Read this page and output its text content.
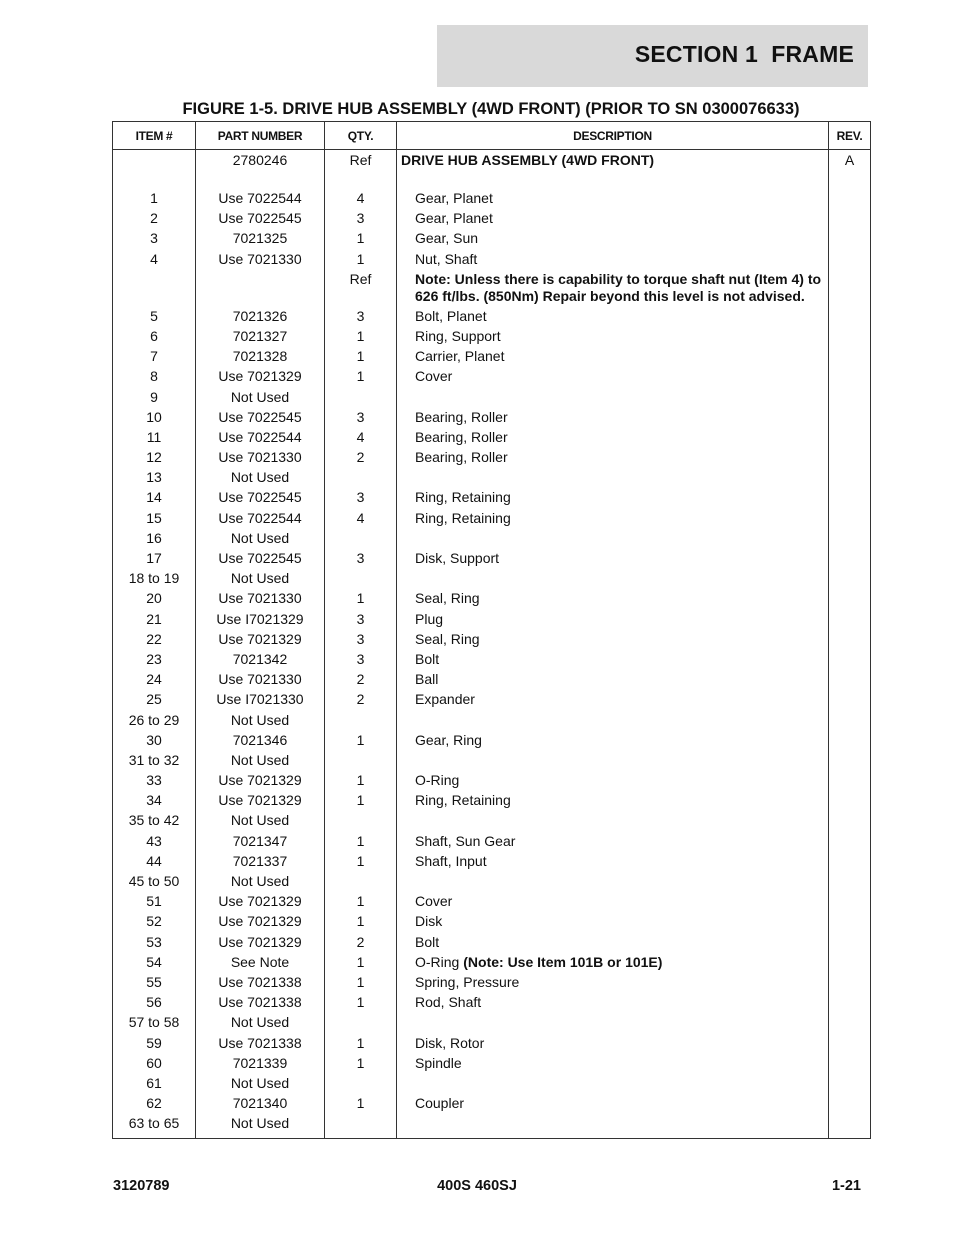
SECTION 1  FRAME
FIGURE 1-5. DRIVE HUB ASSEMBLY (4WD FRONT) (PRIOR TO SN 0300076633)
ITEM #	PART NUMBER	QTY.	DESCRIPTION	REV.
	2780246	Ref	DRIVE HUB ASSEMBLY (4WD FRONT)	A
1	Use 7022544	4	Gear, Planet	
2	Use 7022545	3	Gear, Planet	
3	7021325	1	Gear, Sun	
4	Use 7021330	1	Nut, Shaft	
		Ref	Note: Unless there is capability to torque shaft nut (Item 4) to 626 ft/lbs. (850Nm) Repair beyond this level is not advised.	
5	7021326	3	Bolt, Planet	
6	7021327	1	Ring, Support	
7	7021328	1	Carrier, Planet	
8	Use 7021329	1	Cover	
9	Not Used			
10	Use 7022545	3	Bearing, Roller	
11	Use 7022544	4	Bearing, Roller	
12	Use 7021330	2	Bearing, Roller	
13	Not Used			
14	Use 7022545	3	Ring, Retaining	
15	Use 7022544	4	Ring, Retaining	
16	Not Used			
17	Use 7022545	3	Disk, Support	
18 to 19	Not Used			
20	Use 7021330	1	Seal, Ring	
21	Use I7021329	3	Plug	
22	Use 7021329	3	Seal, Ring	
23	7021342	3	Bolt	
24	Use 7021330	2	Ball	
25	Use I7021330	2	Expander	
26 to 29	Not Used			
30	7021346	1	Gear, Ring	
31 to 32	Not Used			
33	Use 7021329	1	O-Ring	
34	Use 7021329	1	Ring, Retaining	
35 to 42	Not Used			
43	7021347	1	Shaft, Sun Gear	
44	7021337	1	Shaft, Input	
45 to 50	Not Used			
51	Use 7021329	1	Cover	
52	Use 7021329	1	Disk	
53	Use 7021329	2	Bolt	
54	See Note	1	O-Ring (Note: Use Item 101B or 101E)	
55	Use 7021338	1	Spring, Pressure	
56	Use 7021338	1	Rod, Shaft	
57 to 58	Not Used			
59	Use 7021338	1	Disk, Rotor	
60	7021339	1	Spindle	
61	Not Used			
62	7021340	1	Coupler	
63 to 65	Not Used			
3120789	400S 460SJ	1-21
